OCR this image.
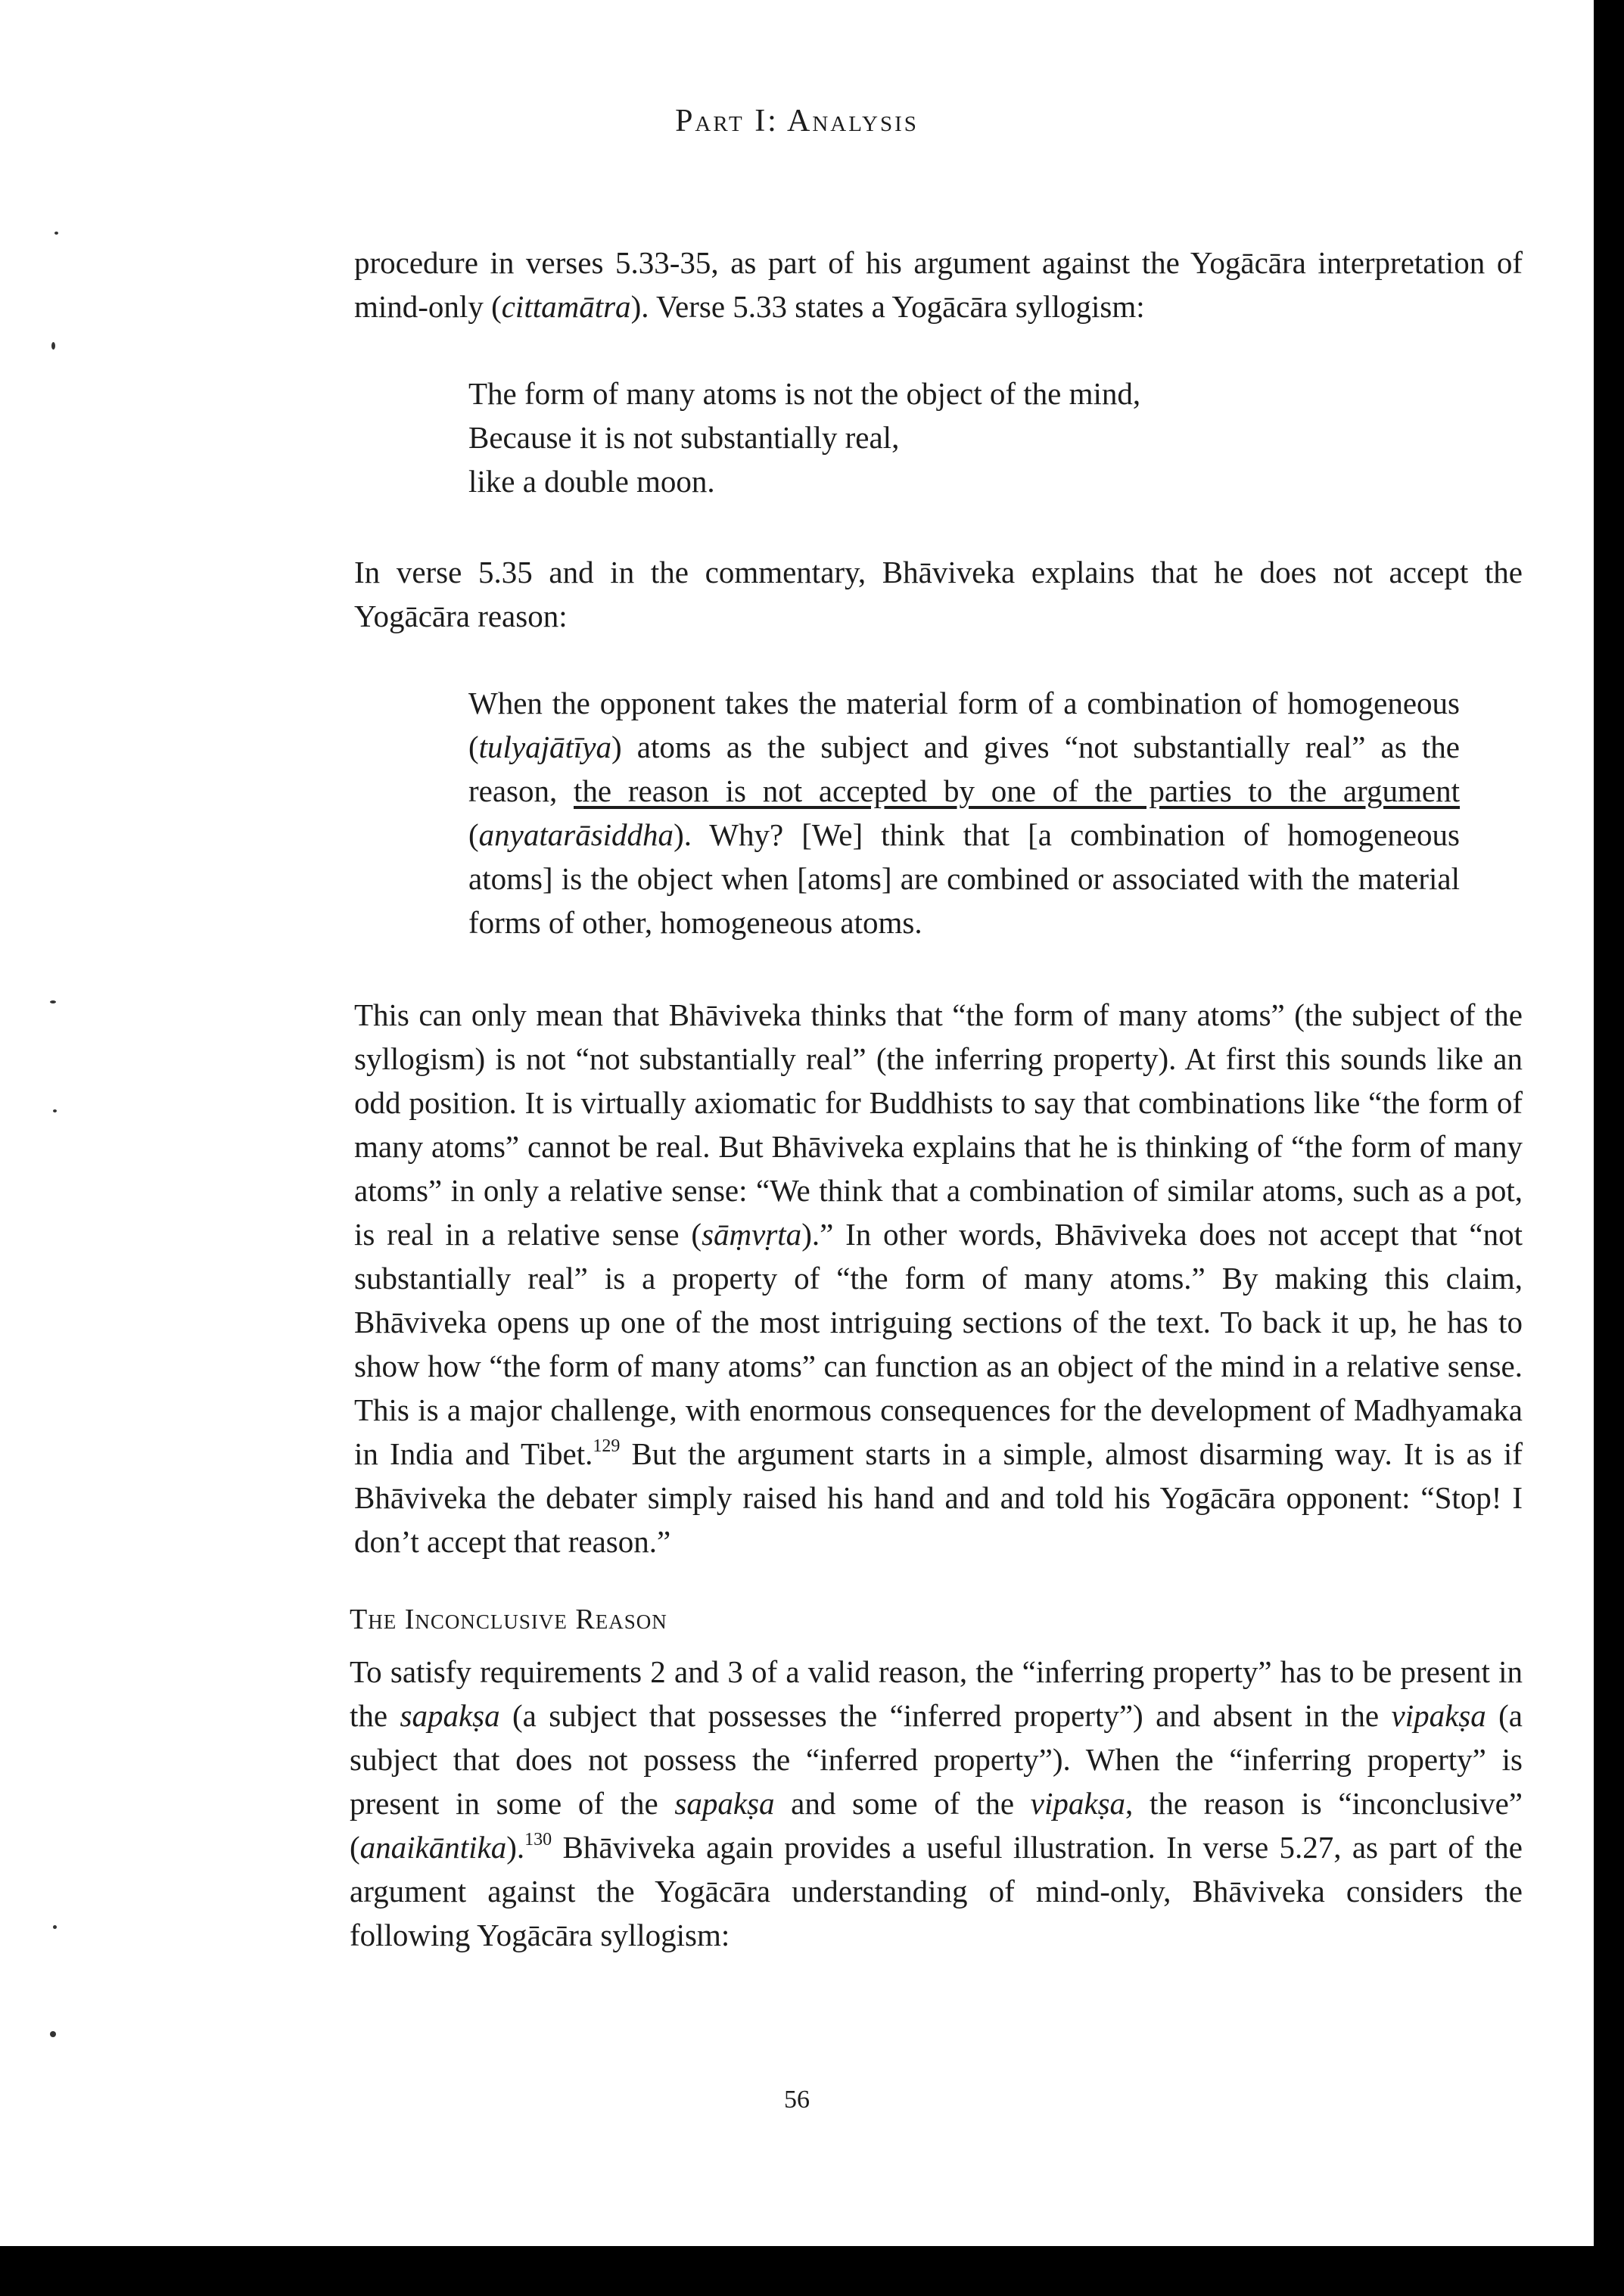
Part I: Analysis

procedure in verses 5.33-35, as part of his argument against the Yogācāra interpretation of mind-only (cittamātra). Verse 5.33 states a Yogācāra syllogism:

The form of many atoms is not the object of the mind,
Because it is not substantially real,
like a double moon.

In verse 5.35 and in the commentary, Bhāviveka explains that he does not accept the Yogācāra reason:

When the opponent takes the material form of a combination of homogeneous (tulyajātīya) atoms as the subject and gives “not substantially real” as the reason, the reason is not accepted by one of the parties to the argument (anyatarāsiddha). Why? [We] think that [a combination of homogeneous atoms] is the object when [atoms] are combined or associated with the material forms of other, homogeneous atoms.

This can only mean that Bhāviveka thinks that “the form of many atoms” (the subject of the syllogism) is not “not substantially real” (the inferring property). At first this sounds like an odd position. It is virtually axiomatic for Buddhists to say that combinations like “the form of many atoms” cannot be real. But Bhāviveka explains that he is thinking of “the form of many atoms” in only a relative sense: “We think that a combination of similar atoms, such as a pot, is real in a relative sense (sāṃvṛta).” In other words, Bhāviveka does not accept that “not substantially real” is a property of “the form of many atoms.” By making this claim, Bhāviveka opens up one of the most intriguing sections of the text. To back it up, he has to show how “the form of many atoms” can function as an object of the mind in a relative sense. This is a major challenge, with enormous consequences for the development of Madhyamaka in India and Tibet.$^{129}$ But the argument starts in a simple, almost disarming way. It is as if Bhāviveka the debater simply raised his hand and and told his Yogācāra opponent: “Stop! I don’t accept that reason.”

The Inconclusive Reason

To satisfy requirements 2 and 3 of a valid reason, the “inferring property” has to be present in the sapakṣa (a subject that possesses the “inferred property”) and absent in the vipakṣa (a subject that does not possess the “inferred property”). When the “inferring property” is present in some of the sapakṣa and some of the vipakṣa, the reason is “inconclusive” (anaikāntika).$^{130}$ Bhāviveka again provides a useful illustration. In verse 5.27, as part of the argument against the Yogācāra understanding of mind-only, Bhāviveka considers the following Yogācāra syllogism:

56
